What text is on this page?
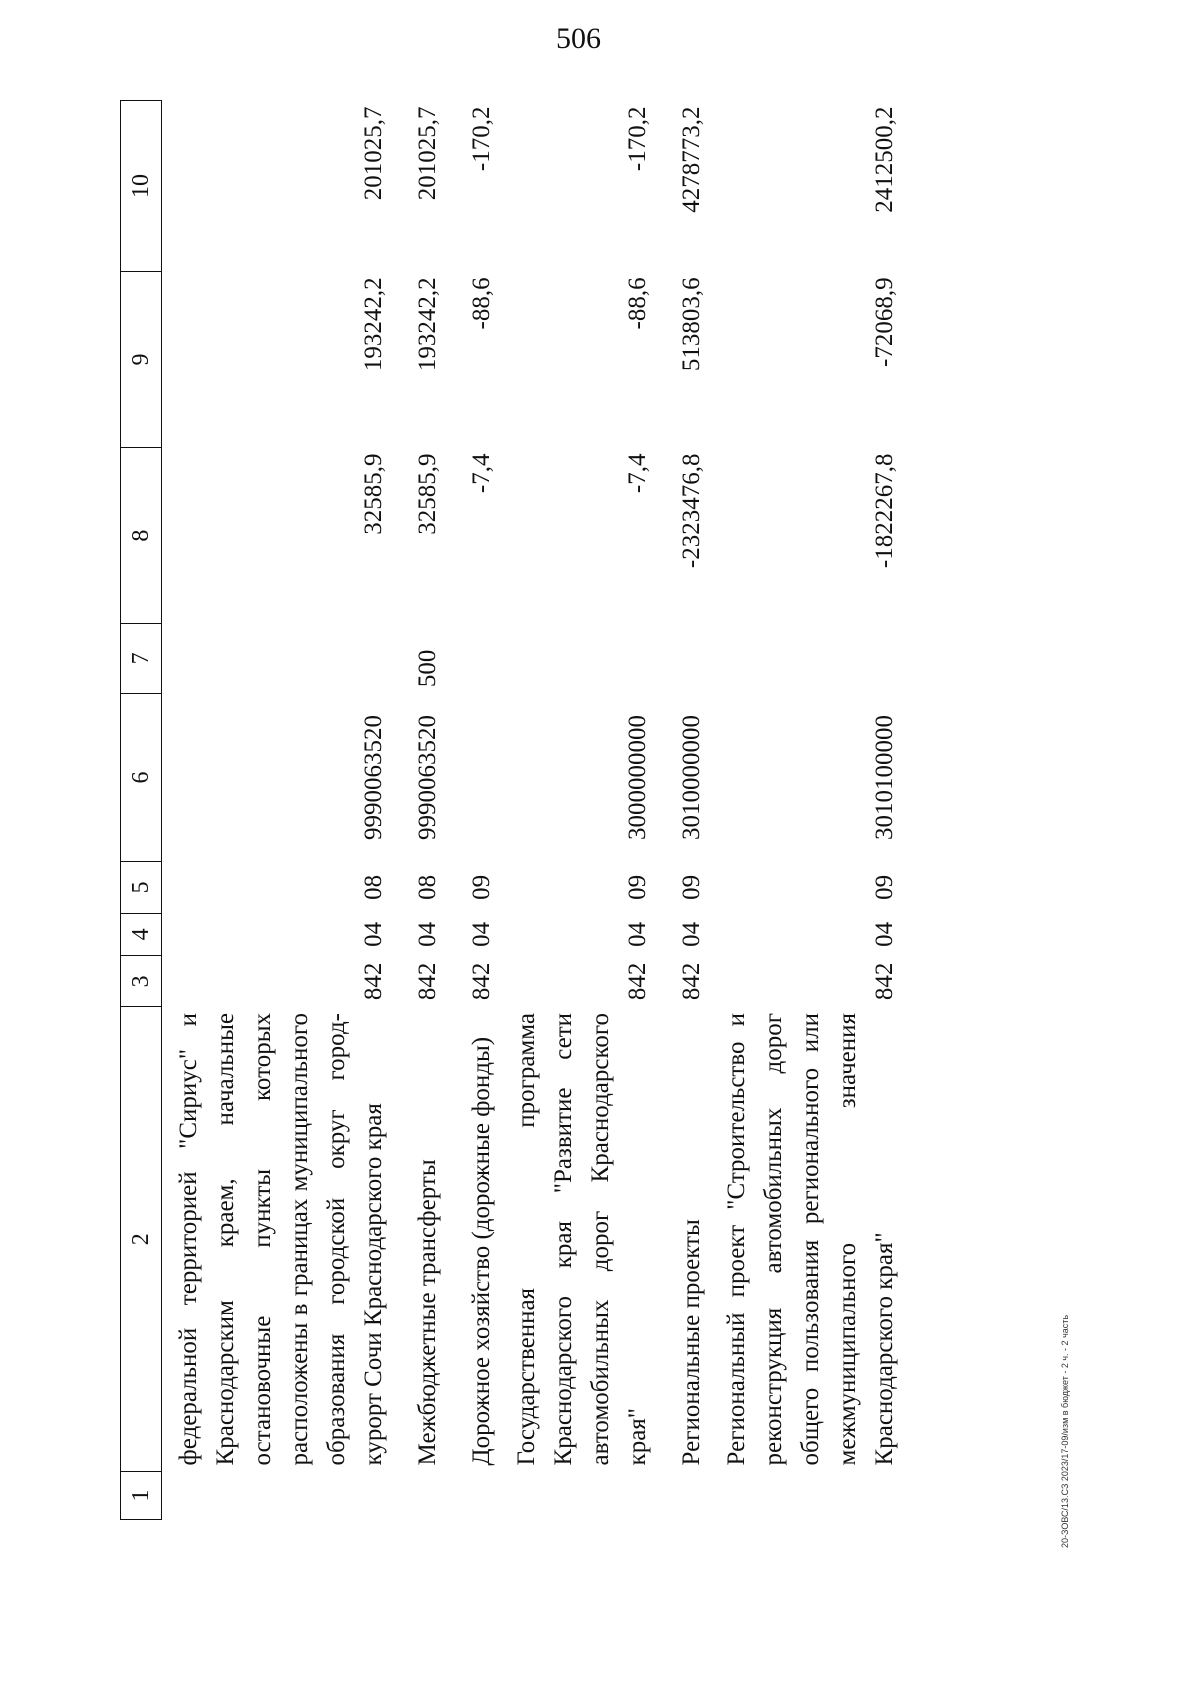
506
1	2	3	4	5	6	7	8	9	10
	федеральной территорией "Сириус" и Краснодарским краем, начальные остановочные пункты которых расположены в границах муниципального образования городской округ город-курорт Сочи Краснодарского края	842	04	08	9990063520		32585,9	193242,2	201025,7
	Межбюджетные трансферты	842	04	08	9990063520	500	32585,9	193242,2	201025,7
	Дорожное хозяйство (дорожные фонды)	842	04	09			-7,4	-88,6	-170,2
	Государственная программа Краснодарского края "Развитие сети автомобильных дорог Краснодарского края"	842	04	09	3000000000		-7,4	-88,6	-170,2
	Региональные проекты	842	04	09	3010000000		-2323476,8	513803,6	4278773,2
	Региональный проект "Строительство и реконструкция автомобильных дорог общего пользования регионального или межмуниципального значения Краснодарского края"	842	04	09	3010100000		-1822267,8	-72068,9	2412500,2
20-ЗОВС/13.СЗ 2023/17-09/изм в бюджет - 2 ч. - 2 часть
